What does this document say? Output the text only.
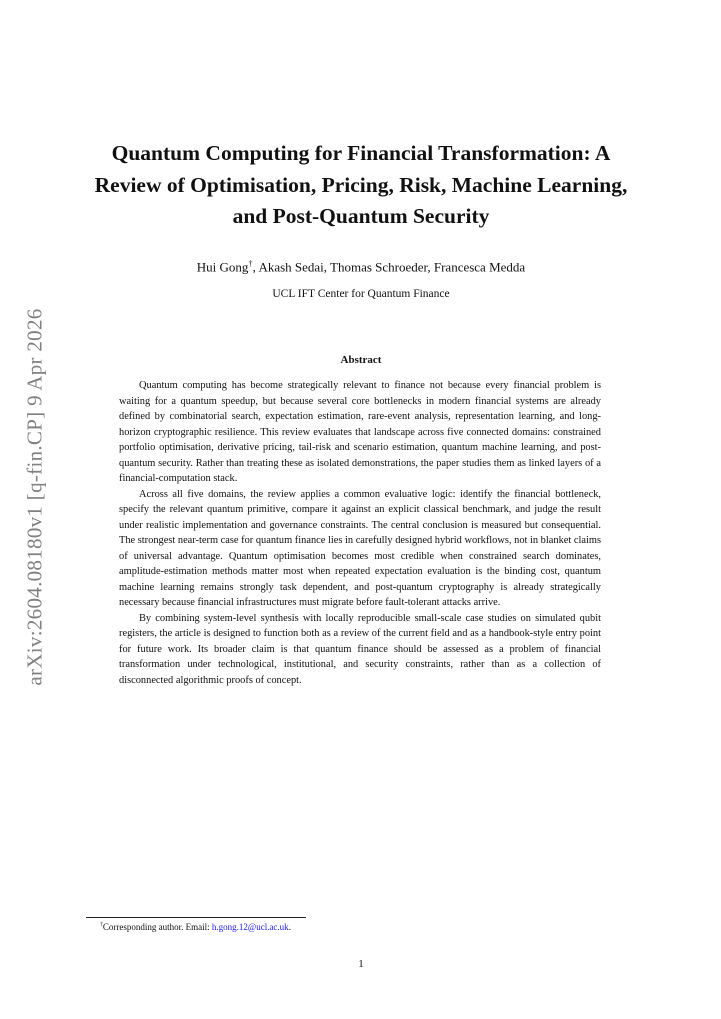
arXiv:2604.08180v1 [q-fin.CP] 9 Apr 2026
Quantum Computing for Financial Transformation: A Review of Optimisation, Pricing, Risk, Machine Learning, and Post-Quantum Security
Hui Gong†, Akash Sedai, Thomas Schroeder, Francesca Medda
UCL IFT Center for Quantum Finance
Abstract

Quantum computing has become strategically relevant to finance not because every financial problem is waiting for a quantum speedup, but because several core bottlenecks in modern financial systems are already defined by combinatorial search, expectation estimation, rare-event analysis, representation learning, and long-horizon cryptographic resilience. This review evaluates that landscape across five connected domains: constrained portfolio optimisation, derivative pricing, tail-risk and scenario estimation, quantum machine learning, and post-quantum security. Rather than treating these as isolated demonstrations, the paper studies them as linked layers of a financial-computation stack.

Across all five domains, the review applies a common evaluative logic: identify the financial bottleneck, specify the relevant quantum primitive, compare it against an explicit classical benchmark, and judge the result under realistic implementation and governance constraints. The central conclusion is measured but consequential. The strongest near-term case for quantum finance lies in carefully designed hybrid workflows, not in blanket claims of universal advantage. Quantum optimisation becomes most credible when constrained search dominates, amplitude-estimation methods matter most when repeated expectation evaluation is the binding cost, quantum machine learning remains strongly task dependent, and post-quantum cryptography is already strategically necessary because financial infrastructures must migrate before fault-tolerant attacks arrive.

By combining system-level synthesis with locally reproducible small-scale case studies on simulated qubit registers, the article is designed to function both as a review of the current field and as a handbook-style entry point for future work. Its broader claim is that quantum finance should be assessed as a problem of financial transformation under technological, institutional, and security constraints, rather than as a collection of disconnected algorithmic proofs of concept.

†Corresponding author. Email: h.gong.12@ucl.ac.uk.
1
